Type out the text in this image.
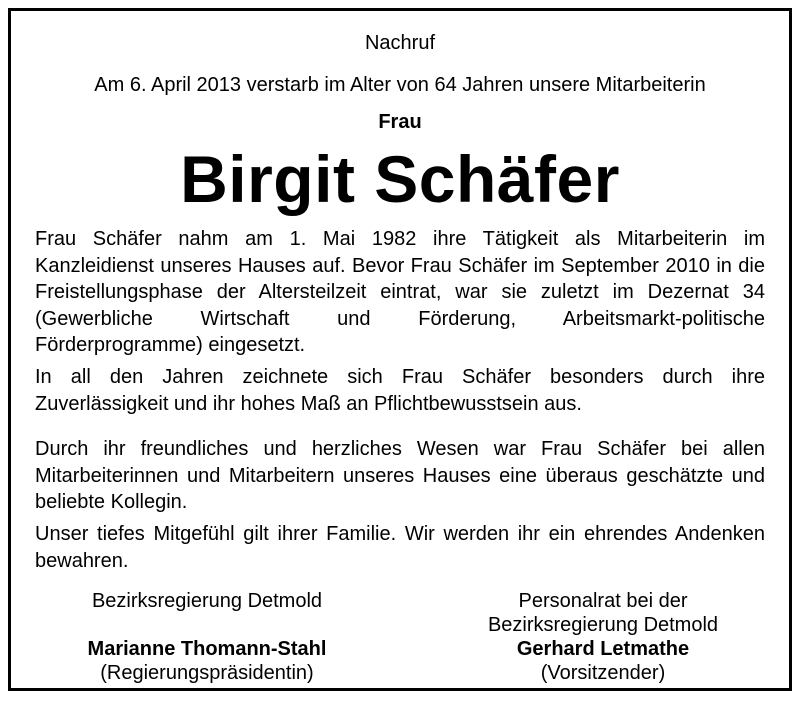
Nachruf
Am 6. April 2013 verstarb im Alter von 64 Jahren unsere Mitarbeiterin
Frau
Birgit Schäfer

Frau Schäfer nahm am 1. Mai 1982 ihre Tätigkeit als Mitarbeiterin im Kanzleidienst unseres Hauses auf. Bevor Frau Schäfer im September 2010 in die Freistellungsphase der Altersteilzeit eintrat, war sie zuletzt im Dezernat 34 (Gewerbliche Wirtschaft und Förderung, Arbeitsmarkt-politische Förderprogramme) eingesetzt.

In all den Jahren zeichnete sich Frau Schäfer besonders durch ihre Zuverlässigkeit und ihr hohes Maß an Pflichtbewusstsein aus.

Durch ihr freundliches und herzliches Wesen war Frau Schäfer bei allen Mitarbeiterinnen und Mitarbeitern unseres Hauses eine überaus geschätzte und beliebte Kollegin.

Unser tiefes Mitgefühl gilt ihrer Familie. Wir werden ihr ein ehrendes Andenken bewahren.

Bezirksregierung Detmold
Marianne Thomann-Stahl
(Regierungspräsidentin)
Personalrat bei der
Bezirksregierung Detmold
Gerhard Letmathe
(Vorsitzender)
